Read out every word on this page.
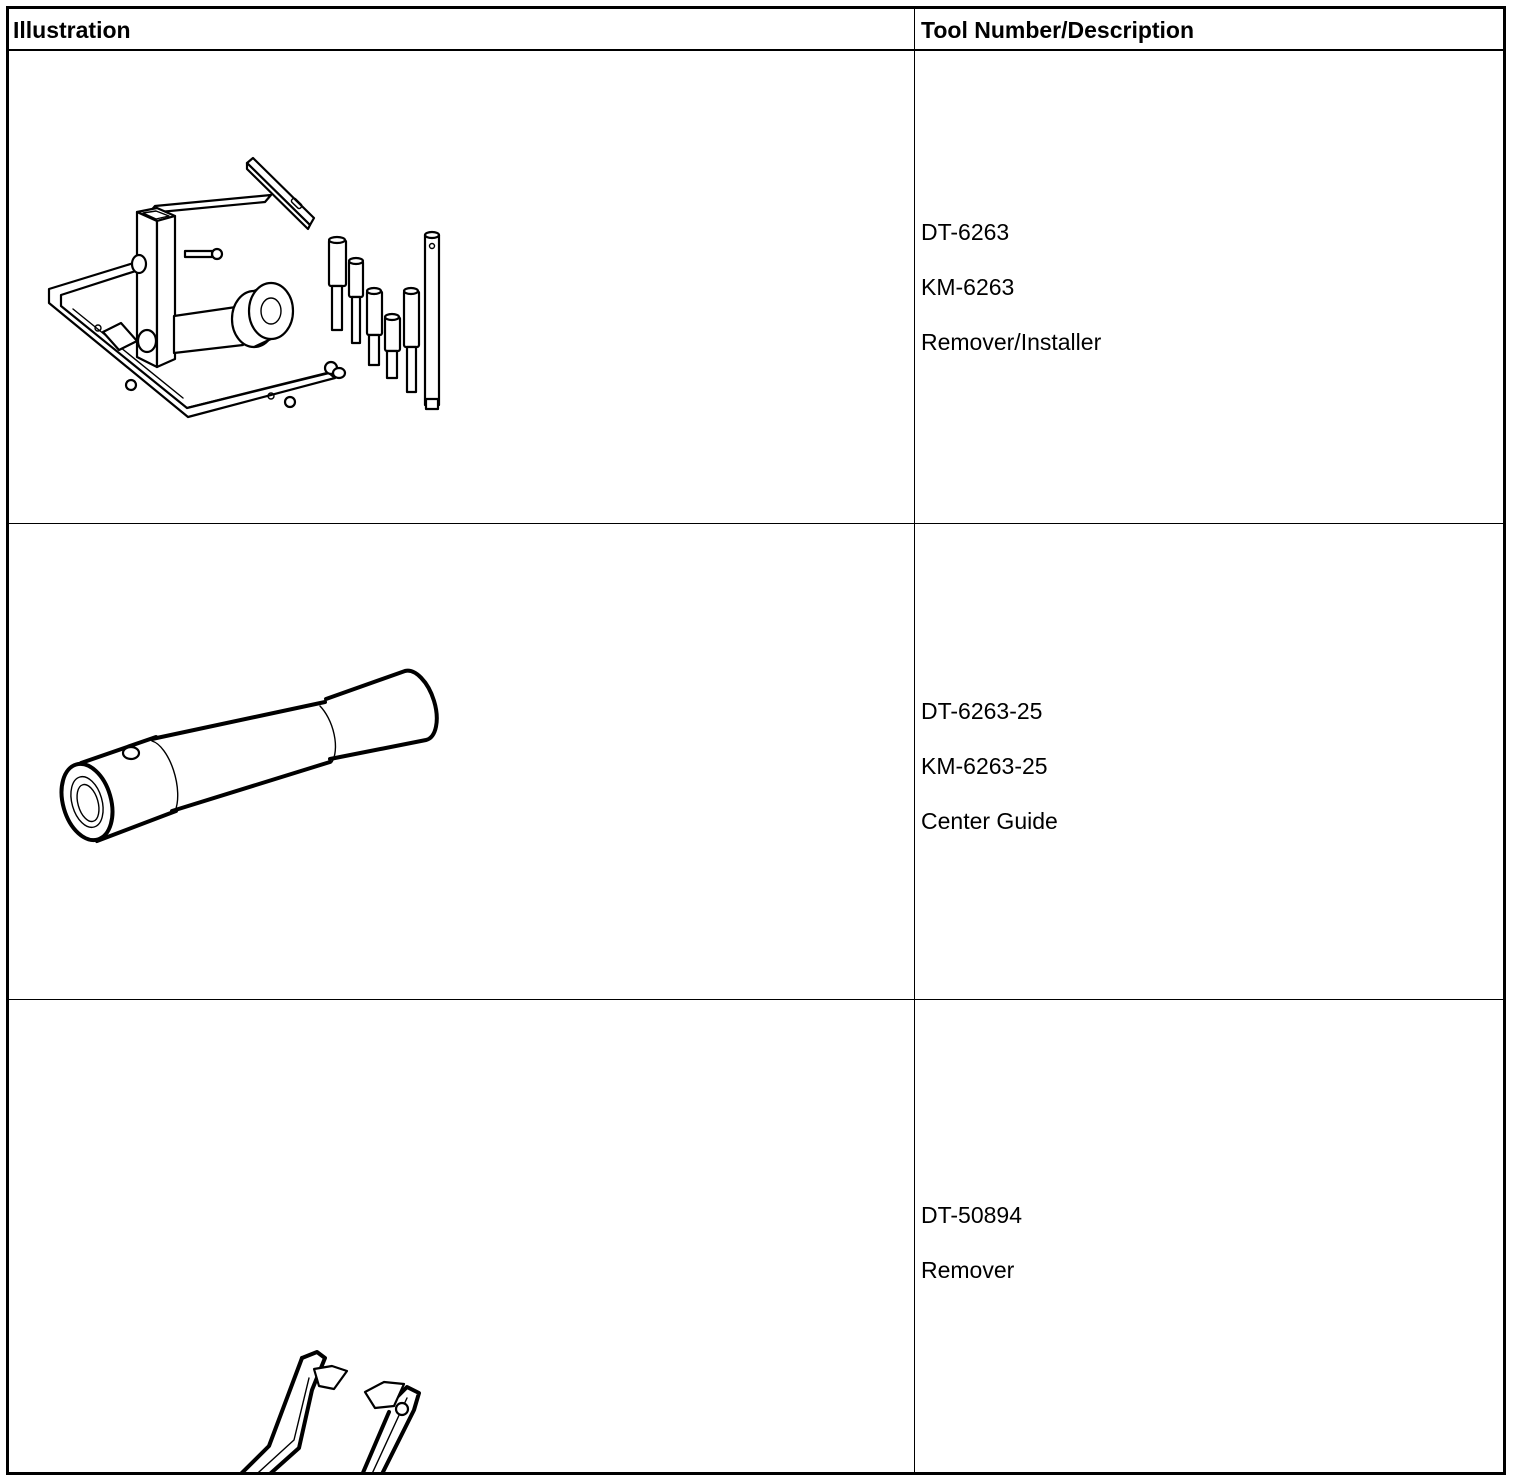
Illustration	Tool Number/Description
DT-6263
KM-6263
Remover/Installer
DT-6263-25
KM-6263-25
Center Guide
DT-50894
Remover
